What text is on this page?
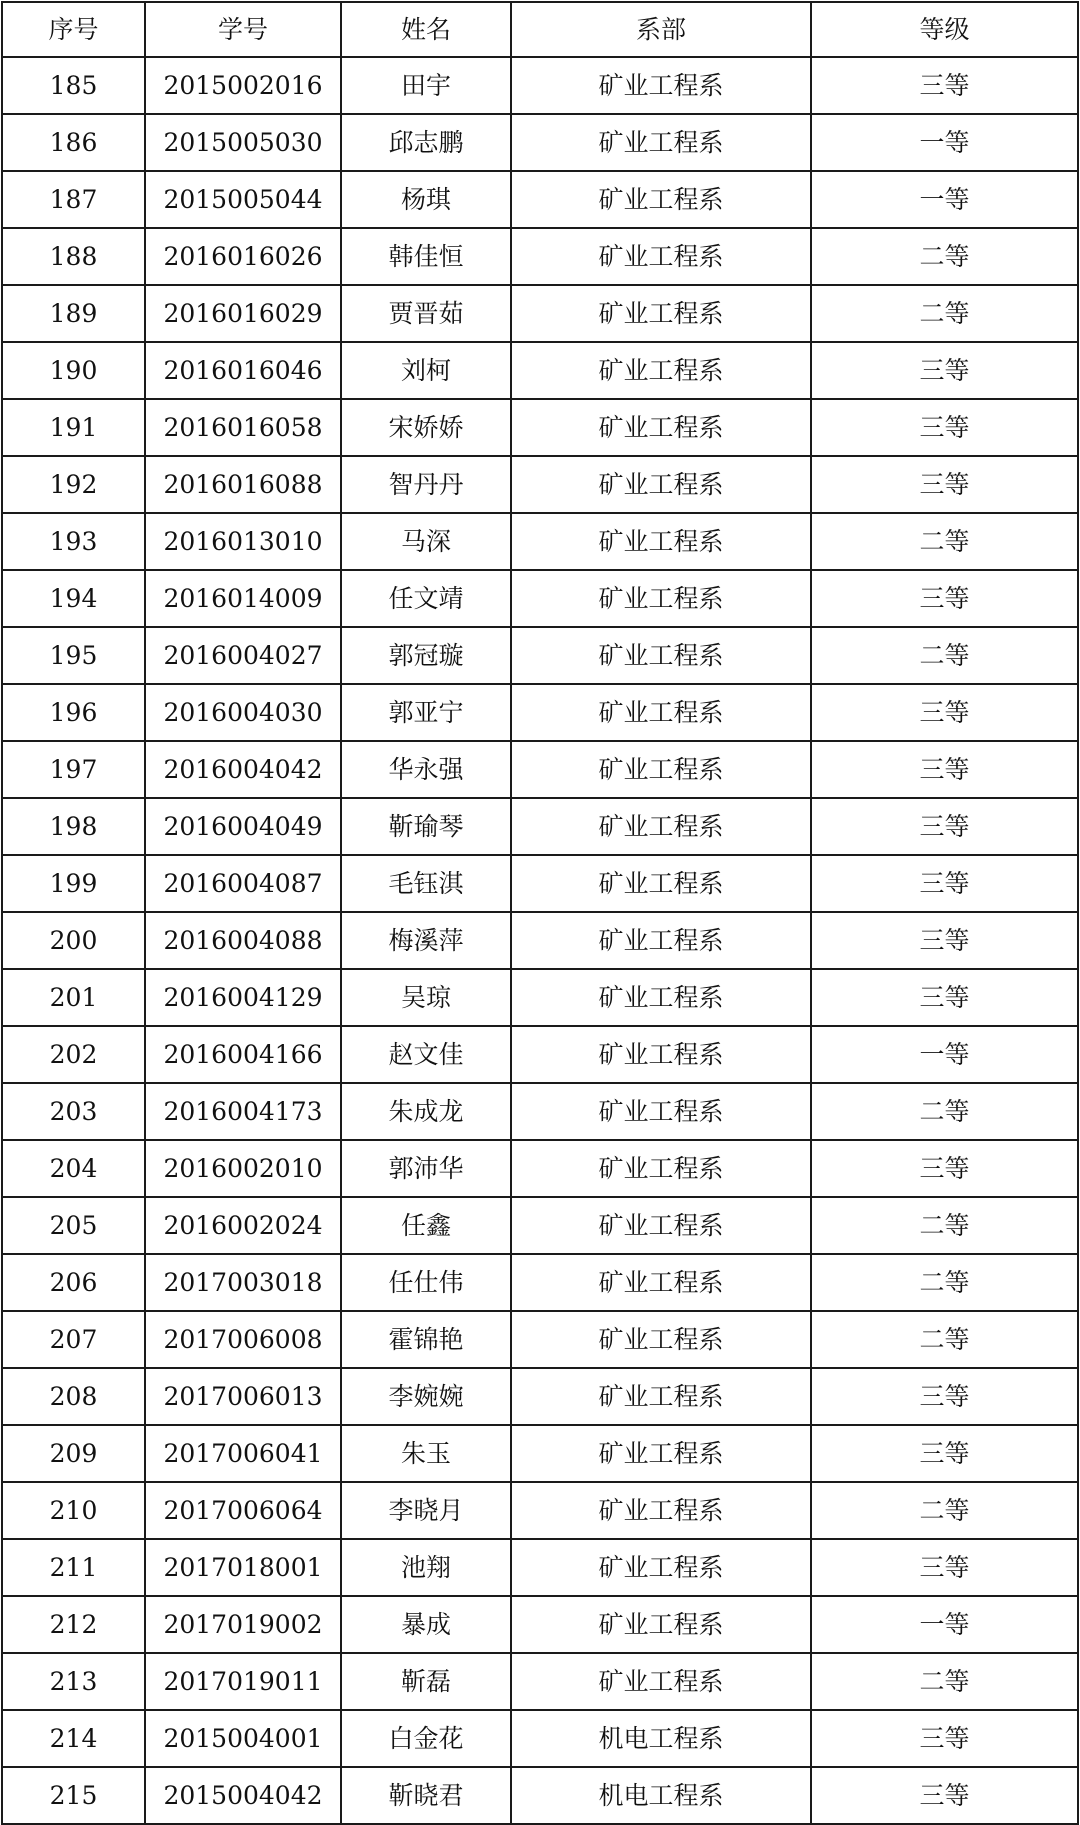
序号	学号	姓名	系部	等级
185	2015002016	田宇	矿业工程系	三等
186	2015005030	邱志鹏	矿业工程系	一等
187	2015005044	杨琪	矿业工程系	一等
188	2016016026	韩佳恒	矿业工程系	二等
189	2016016029	贾晋茹	矿业工程系	二等
190	2016016046	刘柯	矿业工程系	三等
191	2016016058	宋娇娇	矿业工程系	三等
192	2016016088	智丹丹	矿业工程系	三等
193	2016013010	马深	矿业工程系	二等
194	2016014009	任文靖	矿业工程系	三等
195	2016004027	郭冠璇	矿业工程系	二等
196	2016004030	郭亚宁	矿业工程系	三等
197	2016004042	华永强	矿业工程系	三等
198	2016004049	靳瑜琴	矿业工程系	三等
199	2016004087	毛钰淇	矿业工程系	三等
200	2016004088	梅溪萍	矿业工程系	三等
201	2016004129	吴琼	矿业工程系	三等
202	2016004166	赵文佳	矿业工程系	一等
203	2016004173	朱成龙	矿业工程系	二等
204	2016002010	郭沛华	矿业工程系	三等
205	2016002024	任鑫	矿业工程系	二等
206	2017003018	任仕伟	矿业工程系	二等
207	2017006008	霍锦艳	矿业工程系	二等
208	2017006013	李婉婉	矿业工程系	三等
209	2017006041	朱玉	矿业工程系	三等
210	2017006064	李晓月	矿业工程系	二等
211	2017018001	池翔	矿业工程系	三等
212	2017019002	暴成	矿业工程系	一等
213	2017019011	靳磊	矿业工程系	二等
214	2015004001	白金花	机电工程系	三等
215	2015004042	靳晓君	机电工程系	三等
